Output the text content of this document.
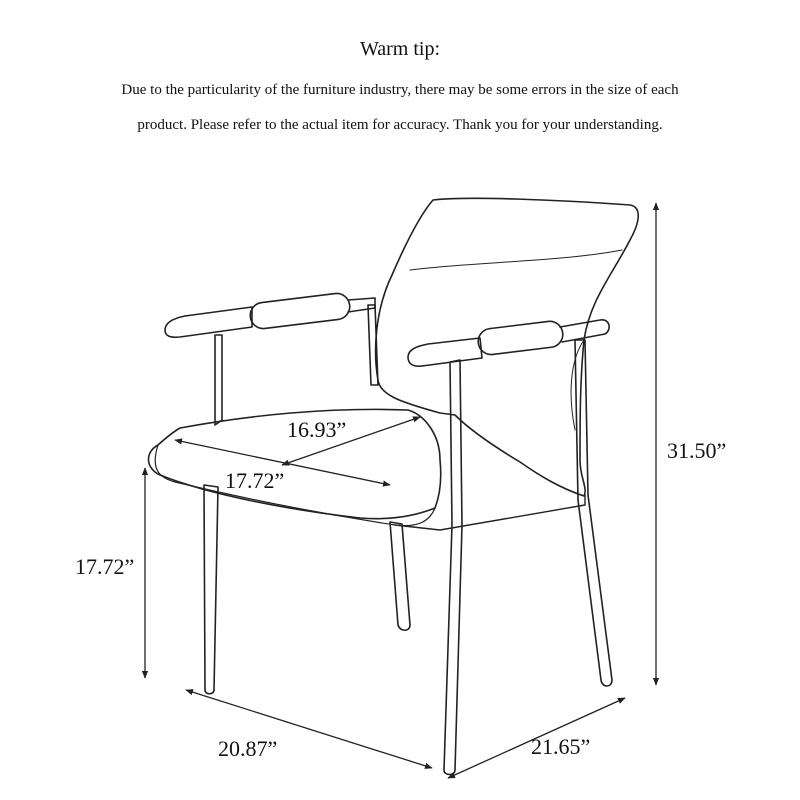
Warm tip:
Due to the particularity of the furniture industry, there may be some errors in the size of each
product. Please refer to the actual item for accuracy. Thank you for your understanding.
31.50”
17.72”
16.93”
17.72”
20.87”	21.65”
